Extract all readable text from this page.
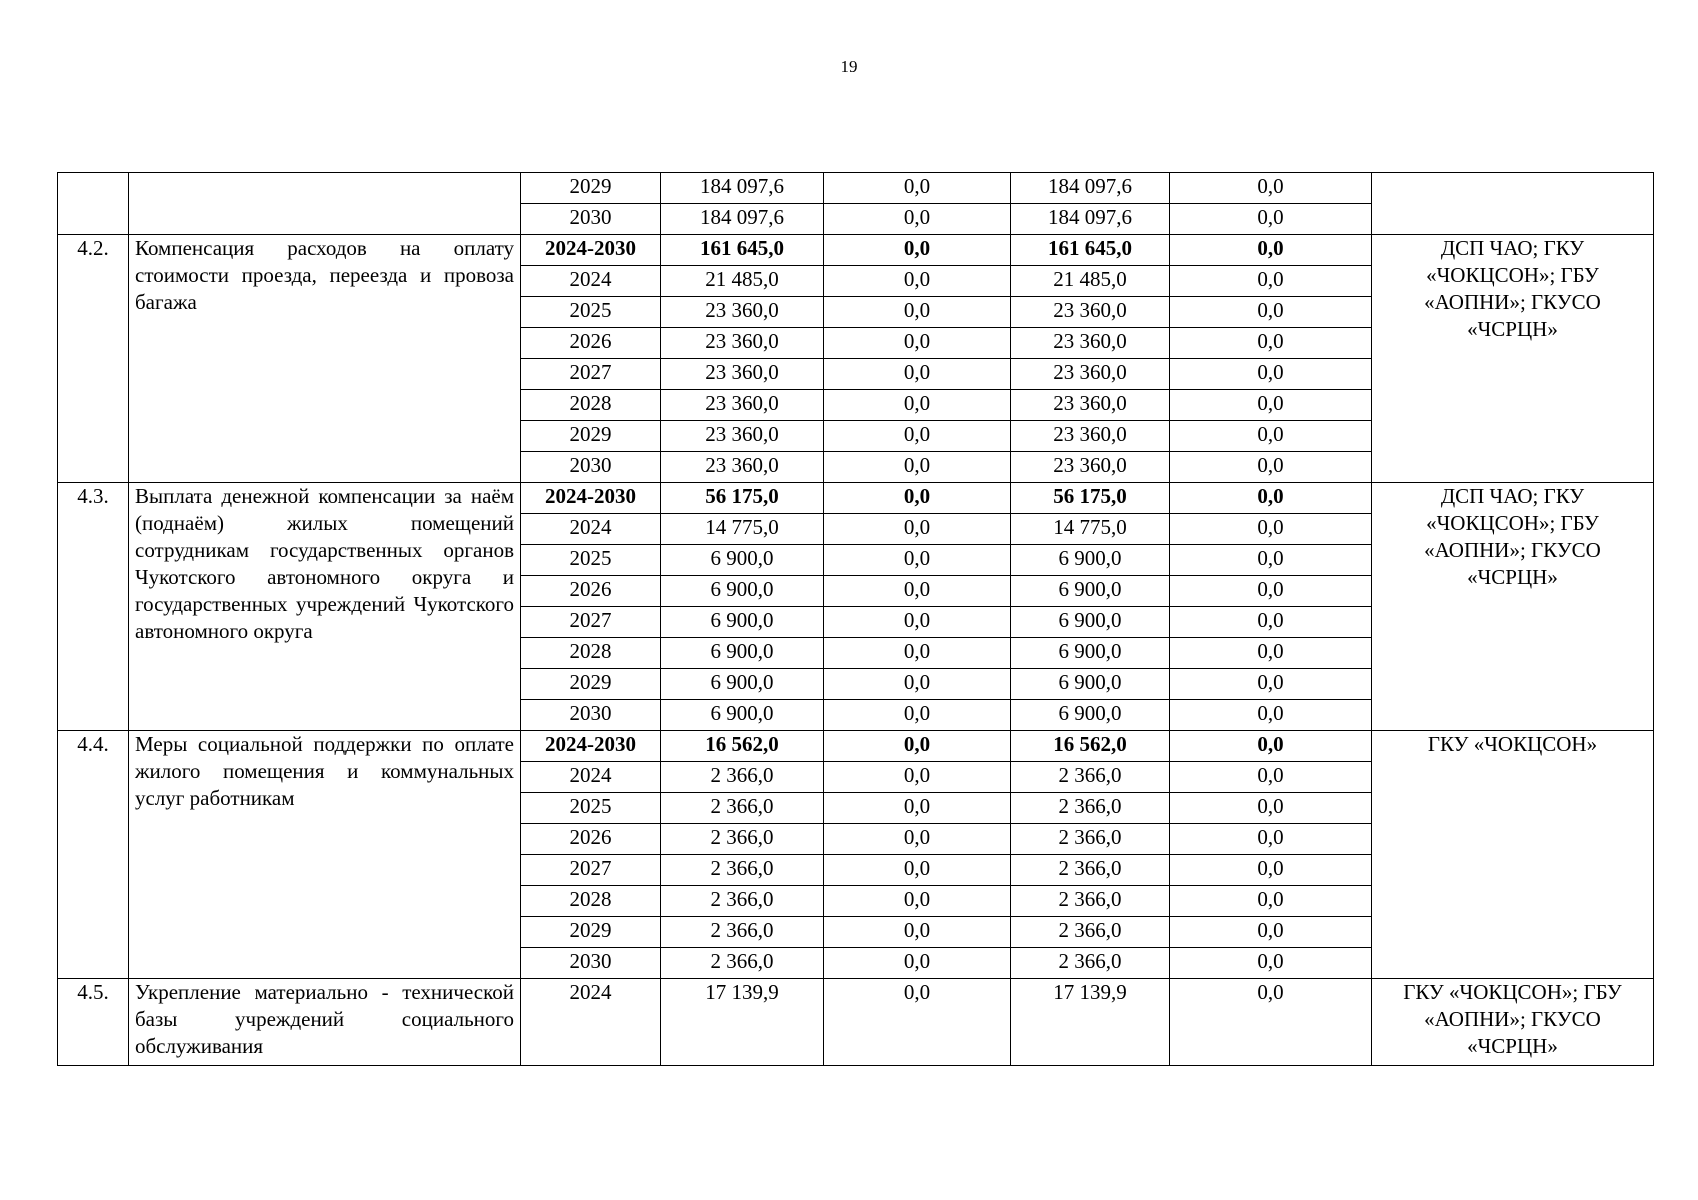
19
		2029	184 097,6	0,0	184 097,6	0,0	
		2030	184 097,6	0,0	184 097,6	0,0	
4.2.	Компенсация расходов на оплату стоимости проезда, переезда и провоза багажа	2024-2030	161 645,0	0,0	161 645,0	0,0	ДСП ЧАО; ГКУ «ЧОКЦСОН»; ГБУ «АОПНИ»; ГКУСО «ЧСРЦН»
		2024	21 485,0	0,0	21 485,0	0,0	
		2025	23 360,0	0,0	23 360,0	0,0	
		2026	23 360,0	0,0	23 360,0	0,0	
		2027	23 360,0	0,0	23 360,0	0,0	
		2028	23 360,0	0,0	23 360,0	0,0	
		2029	23 360,0	0,0	23 360,0	0,0	
		2030	23 360,0	0,0	23 360,0	0,0	
4.3.	Выплата денежной компенсации за наём (поднаём) жилых помещений сотрудникам государственных органов Чукотского автономного округа и государственных учреждений Чукотского автономного округа	2024-2030	56 175,0	0,0	56 175,0	0,0	ДСП ЧАО; ГКУ «ЧОКЦСОН»; ГБУ «АОПНИ»; ГКУСО «ЧСРЦН»
		2024	14 775,0	0,0	14 775,0	0,0	
		2025	6 900,0	0,0	6 900,0	0,0	
		2026	6 900,0	0,0	6 900,0	0,0	
		2027	6 900,0	0,0	6 900,0	0,0	
		2028	6 900,0	0,0	6 900,0	0,0	
		2029	6 900,0	0,0	6 900,0	0,0	
		2030	6 900,0	0,0	6 900,0	0,0	
4.4.	Меры социальной поддержки по оплате жилого помещения и коммунальных услуг работникам	2024-2030	16 562,0	0,0	16 562,0	0,0	ГКУ «ЧОКЦСОН»
		2024	2 366,0	0,0	2 366,0	0,0	
		2025	2 366,0	0,0	2 366,0	0,0	
		2026	2 366,0	0,0	2 366,0	0,0	
		2027	2 366,0	0,0	2 366,0	0,0	
		2028	2 366,0	0,0	2 366,0	0,0	
		2029	2 366,0	0,0	2 366,0	0,0	
		2030	2 366,0	0,0	2 366,0	0,0	
4.5.	Укрепление материально - технической базы учреждений социального обслуживания	2024	17 139,9	0,0	17 139,9	0,0	ГКУ «ЧОКЦСОН»; ГБУ «АОПНИ»; ГКУСО «ЧСРЦН»
